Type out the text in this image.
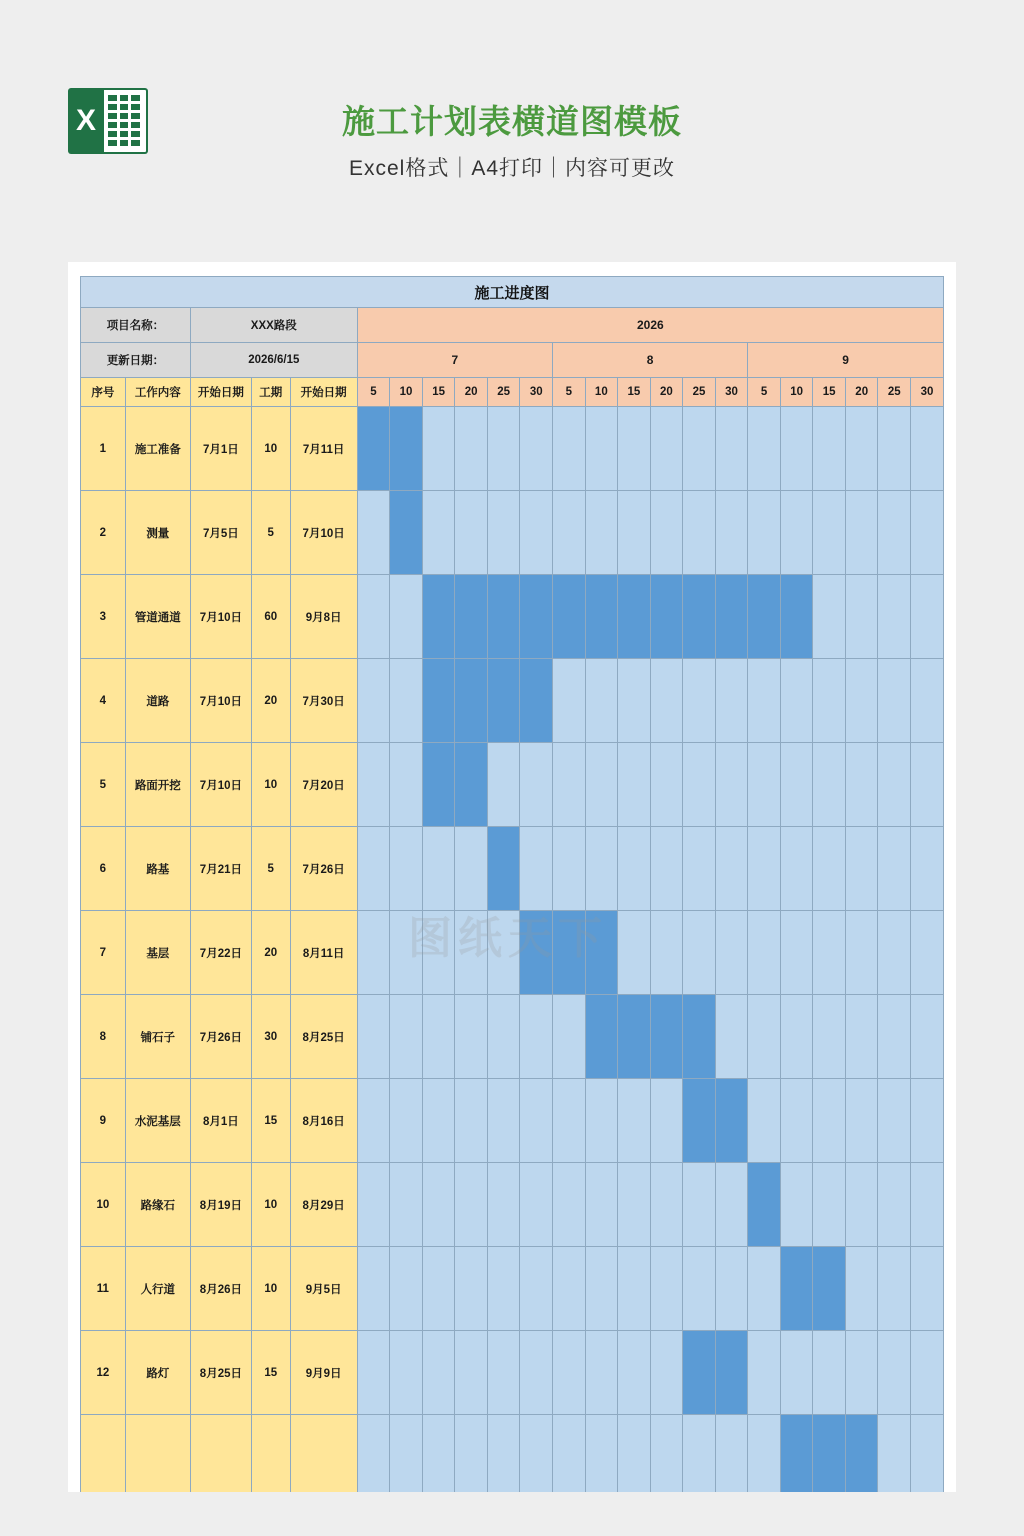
X	施工计划表横道图模板
Excel格式｜A4打印｜内容可更改
施工进度图																						
项目名称：		XXX路段			2026																	
更新日期：		2026/6/15			7						8						9					
序号	工作内容	开始日期	工期	开始日期	5	10	15	20	25	30	5	10	15	20	25	30	5	10	15	20	25	30
1	施工准备	7月1日	10	7月11日																		
2	测量	7月5日	5	7月10日																		
3	管道通道	7月10日	60	9月8日																		
4	道路	7月10日	20	7月30日																		
5	路面开挖	7月10日	10	7月20日																		
6	路基	7月21日	5	7月26日																		
7	基层	7月22日	20	8月11日																		
8	铺石子	7月26日	30	8月25日																		
9	水泥基层	8月1日	15	8月16日																		
10	路缘石	8月19日	10	8月29日																		
11	人行道	8月26日	10	9月5日																		
12	路灯	8月25日	15	9月9日																		

图纸天下
